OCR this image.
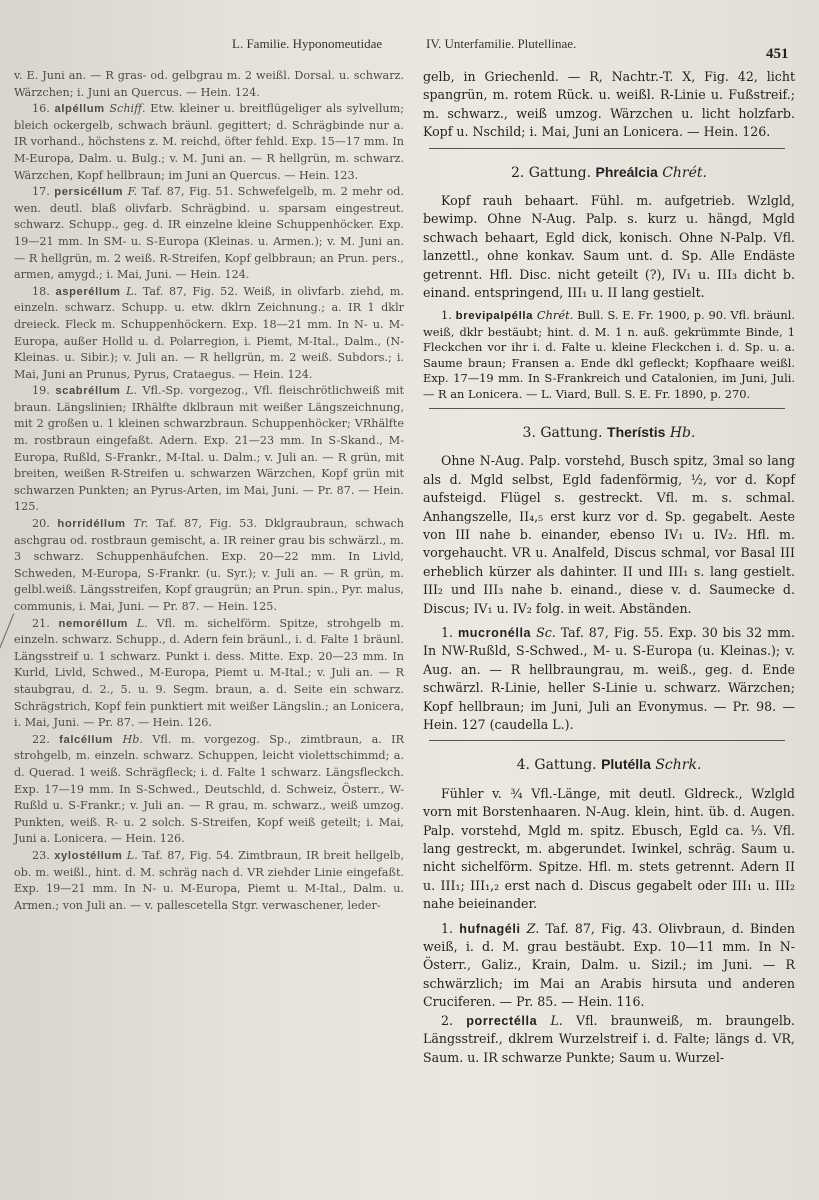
L. Familie. Hyponomeutidae	IV. Unterfamilie. Plutellinae.
451

v. E. Juni an. — R gras- od. gelbgrau m. 2 weißl. Dorsal. u. schwarz. Wärzchen; i. Juni an Quercus. — Hein. 124.

16. alpéllum Schiff. Etw. kleiner u. breitflügeliger als sylvellum; bleich ockergelb, schwach bräunl. gegittert; d. Schrägbinde nur a. IR vorhand., höchstens z. M. reichd, öfter fehld. Exp. 15—17 mm. In M-Europa, Dalm. u. Bulg.; v. M. Juni an. — R hellgrün, m. schwarz. Wärzchen, Kopf hellbraun; im Juni an Quercus. — Hein. 123.

17. persicéllum F. Taf. 87, Fig. 51. Schwefelgelb, m. 2 mehr od. wen. deutl. blaß olivfarb. Schrägbind. u. sparsam eingestreut. schwarz. Schupp., geg. d. IR einzelne kleine Schuppenhöcker. Exp. 19—21 mm. In SM- u. S-Europa (Kleinas. u. Armen.); v. M. Juni an. — R hellgrün, m. 2 weiß. R-Streifen, Kopf gelbbraun; an Prun. pers., armen, amygd.; i. Mai, Juni. — Hein. 124.

18. asperéllum L. Taf. 87, Fig. 52. Weiß, in olivfarb. ziehd, m. einzeln. schwarz. Schupp. u. etw. dklrn Zeichnung.; a. IR 1 dklr dreieck. Fleck m. Schuppenhöckern. Exp. 18—21 mm. In N- u. M-Europa, außer Holld u. d. Polarregion, i. Piemt, M-Ital., Dalm., (N-Kleinas. u. Sibir.); v. Juli an. — R hellgrün, m. 2 weiß. Subdors.; i. Mai, Juni an Prunus, Pyrus, Crataegus. — Hein. 124.

19. scabréllum L. Vfl.-Sp. vorgezog., Vfl. fleischrötlichweiß mit braun. Längslinien; IRhälfte dklbraun mit weißer Längszeichnung, mit 2 großen u. 1 kleinen schwarzbraun. Schuppenhöcker; VRhälfte m. rostbraun eingefaßt. Adern. Exp. 21—23 mm. In S-Skand., M-Europa, Rußld, S-Frankr., M-Ital. u. Dalm.; v. Juli an. — R grün, mit breiten, weißen R-Streifen u. schwarzen Wärzchen, Kopf grün mit schwarzen Punkten; an Pyrus-Arten, im Mai, Juni. — Pr. 87. — Hein. 125.

20. horridéllum Tr. Taf. 87, Fig. 53. Dklgraubraun, schwach aschgrau od. rostbraun gemischt, a. IR reiner grau bis schwärzl., m. 3 schwarz. Schuppenhäufchen. Exp. 20—22 mm. In Livld, Schweden, M-Europa, S-Frankr. (u. Syr.); v. Juli an. — R grün, m. gelbl.weiß. Längsstreifen, Kopf graugrün; an Prun. spin., Pyr. malus, communis, i. Mai, Juni. — Pr. 87. — Hein. 125.

21. nemoréllum L. Vfl. m. sichelförm. Spitze, strohgelb m. einzeln. schwarz. Schupp., d. Adern fein bräunl., i. d. Falte 1 bräunl. Längsstreif u. 1 schwarz. Punkt i. dess. Mitte. Exp. 20—23 mm. In Kurld, Livld, Schwed., M-Europa, Piemt u. M-Ital.; v. Juli an. — R staubgrau, d. 2., 5. u. 9. Segm. braun, a. d. Seite ein schwarz. Schrägstrich, Kopf fein punktiert mit weißer Längslin.; an Lonicera, i. Mai, Juni. — Pr. 87. — Hein. 126.

22. falcéllum Hb. Vfl. m. vorgezog. Sp., zimtbraun, a. IR strohgelb, m. einzeln. schwarz. Schuppen, leicht violettschimmd; a. d. Querad. 1 weiß. Schrägfleck; i. d. Falte 1 schwarz. Längsfleckch. Exp. 17—19 mm. In S-Schwed., Deutschld, d. Schweiz, Österr., W-Rußld u. S-Frankr.; v. Juli an. — R grau, m. schwarz., weiß umzog. Punkten, weiß. R- u. 2 solch. S-Streifen, Kopf weiß geteilt; i. Mai, Juni a. Lonicera. — Hein. 126.

23. xylostéllum L. Taf. 87, Fig. 54. Zimtbraun, IR breit hellgelb, ob. m. weißl., hint. d. M. schräg nach d. VR ziehder Linie eingefaßt. Exp. 19—21 mm. In N- u. M-Europa, Piemt u. M-Ital., Dalm. u. Armen.; von Juli an. — v. pallescetella Stgr. verwaschener, leder-

gelb, in Griechenld. — R, Nachtr.-T. X, Fig. 42, licht spangrün, m. rotem Rück. u. weißl. R-Linie u. Fußstreif.; m. schwarz., weiß umzog. Wärzchen u. licht holzfarb. Kopf u. Nschild; i. Mai, Juni an Lonicera. — Hein. 126.

2. Gattung. Phreálcia Chrét.

Kopf rauh behaart. Fühl. m. aufgetrieb. Wzlgld, bewimp. Ohne N-Aug. Palp. s. kurz u. hängd, Mgld schwach behaart, Egld dick, konisch. Ohne N-Palp. Vfl. lanzettl., ohne konkav. Saum unt. d. Sp. Alle Endäste getrennt. Hfl. Disc. nicht geteilt (?), IV₁ u. III₃ dicht b. einand. entspringend, III₁ u. II lang gestielt.

1. brevipalpélla Chrét. Bull. S. E. Fr. 1900, p. 90. Vfl. bräunl. weiß, dklr bestäubt; hint. d. M. 1 n. auß. gekrümmte Binde, 1 Fleckchen vor ihr i. d. Falte u. kleine Fleckchen i. d. Sp. u. a. Saume braun; Fransen a. Ende dkl gefleckt; Kopfhaare weißl. Exp. 17—19 mm. In S-Frankreich und Catalonien, im Juni, Juli. — R an Lonicera. — L. Viard, Bull. S. E. Fr. 1890, p. 270.

3. Gattung. Therístis Hb.

Ohne N-Aug. Palp. vorstehd, Busch spitz, 3mal so lang als d. Mgld selbst, Egld fadenförmig, ½, vor d. Kopf aufsteigd. Flügel s. gestreckt. Vfl. m. s. schmal. Anhangszelle, II₄,₅ erst kurz vor d. Sp. gegabelt. Aeste von III nahe b. einander, ebenso IV₁ u. IV₂. Hfl. m. vorgehaucht. VR u. Analfeld, Discus schmal, vor Basal III erheblich kürzer als dahinter. II und III₁ s. lang gestielt. III₂ und III₃ nahe b. einand., diese v. d. Saumecke d. Discus; IV₁ u. IV₂ folg. in weit. Abständen.

1. mucronélla Sc. Taf. 87, Fig. 55. Exp. 30 bis 32 mm. In NW-Rußld, S-Schwed., M- u. S-Europa (u. Kleinas.); v. Aug. an. — R hellbraungrau, m. weiß., geg. d. Ende schwärzl. R-Linie, heller S-Linie u. schwarz. Wärzchen; Kopf hellbraun; im Juni, Juli an Evonymus. — Pr. 98. — Hein. 127 (caudella L.).

4. Gattung. Plutélla Schrk.

Fühler v. ¾ Vfl.-Länge, mit deutl. Gldreck., Wzlgld vorn mit Borstenhaaren. N-Aug. klein, hint. üb. d. Augen. Palp. vorstehd, Mgld m. spitz. Ebusch, Egld ca. ⅓. Vfl. lang gestreckt, m. abgerundet. Iwinkel, schräg. Saum u. nicht sichelförm. Spitze. Hfl. m. stets getrennt. Adern II u. III₁; III₁,₂ erst nach d. Discus gegabelt oder III₁ u. III₂ nahe beieinander.

1. hufnagéli Z. Taf. 87, Fig. 43. Olivbraun, d. Binden weiß, i. d. M. grau bestäubt. Exp. 10—11 mm. In N-Österr., Galiz., Krain, Dalm. u. Sizil.; im Juni. — R schwärzlich; im Mai an Arabis hirsuta und anderen Cruciferen. — Pr. 85. — Hein. 116.

2. porrectélla L. Vfl. braunweiß, m. braungelb. Längsstreif., dklrem Wurzelstreif i. d. Falte; längs d. VR, Saum. u. IR schwarze Punkte; Saum u. Wurzel-
